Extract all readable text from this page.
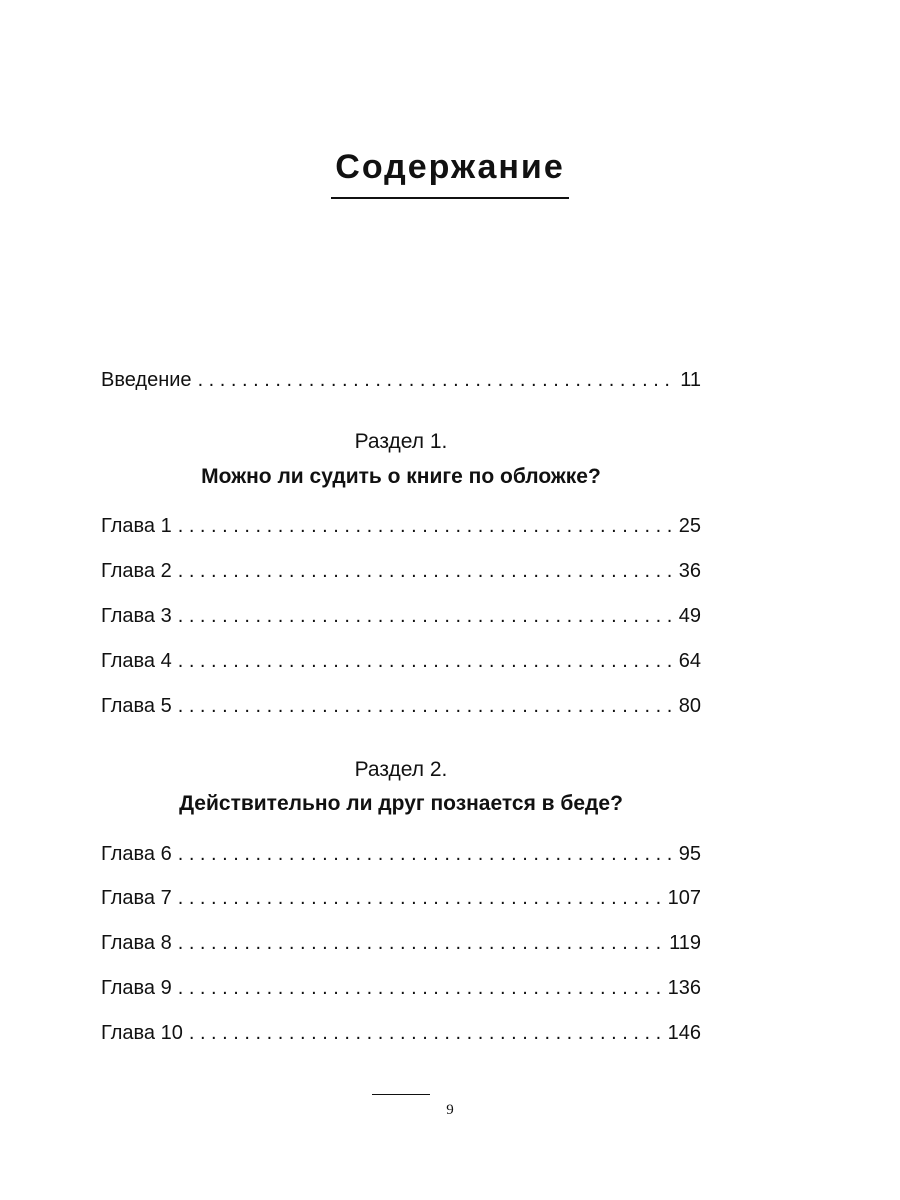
Содержание
Введение . . .	11
Раздел 1.
Можно ли судить о книге по обложке?
Глава 1 . . .	25
Глава 2 . . .	36
Глава 3 . . .	49
Глава 4 . . .	64
Глава 5 . . .	80
Раздел 2.
Действительно ли друг познается в беде?
Глава 6 . . .	95
Глава 7 . . .	107
Глава 8 . . .	119
Глава 9 . . .	136
Глава 10 . . .	146
9
